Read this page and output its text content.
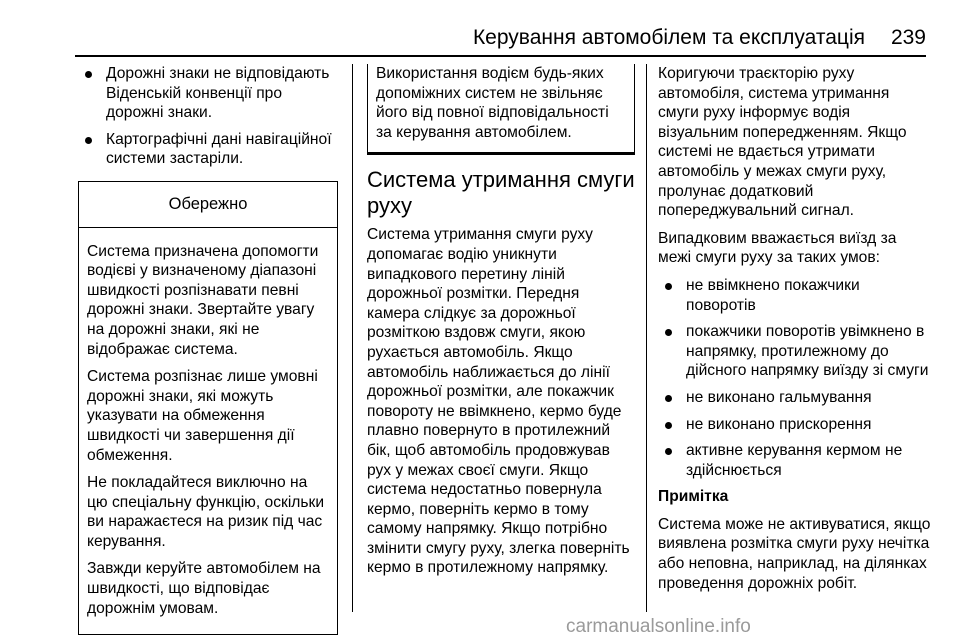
Керування автомобілем та експлуатація 239
Дорожні знаки не відповідають Віденській конвенції про дорожні знаки.
Картографічні дані навігаційної системи застаріли.
Обережно

Система призначена допомогти водієві у визначеному діапазоні швидкості розпізнавати певні дорожні знаки. Звертайте увагу на дорожні знаки, які не відображає система.

Система розпізнає лише умовні дорожні знаки, які можуть указувати на обмеження швидкості чи завершення дії обмеження.

Не покладайтеся виключно на цю спеціальну функцію, оскільки ви наражаєтеся на ризик під час керування.

Завжди керуйте автомобілем на швидкості, що відповідає дорожнім умовам.

Використання водієм будь-яких допоміжних систем не звільняє його від повної відповідальності за керування автомобілем.

Система утримання смуги руху

Система утримання смуги руху допомагає водію уникнути випадкового перетину ліній дорожньої розмітки. Передня камера слідкує за дорожньої розміткою вздовж смуги, якою рухається автомобіль. Якщо автомобіль наближається до лінії дорожньої розмітки, але покажчик повороту не ввімкнено, кермо буде плавно повернуто в протилежний бік, щоб автомобіль продовжував рух у межах своєї смуги. Якщо система недостатньо повернула кермо, поверніть кермо в тому самому напрямку. Якщо потрібно змінити смугу руху, злегка поверніть кермо в протилежному напрямку.

Коригуючи траєкторію руху автомобіля, система утримання смуги руху інформує водія візуальним попередженням. Якщо системі не вдається утримати автомобіль у межах смуги руху, пролунає додатковий попереджувальний сигнал.

Випадковим вважається виїзд за межі смуги руху за таких умов:

не ввімкнено покажчики поворотів
покажчики поворотів увімкнено в напрямку, протилежному до дійсного напрямку виїзду зі смуги
не виконано гальмування
не виконано прискорення
активне керування кермом не здійснюється

Примітка

Система може не активуватися, якщо виявлена розмітка смуги руху нечітка або неповна, наприклад, на ділянках проведення дорожніх робіт.

carmanualsonline.info
